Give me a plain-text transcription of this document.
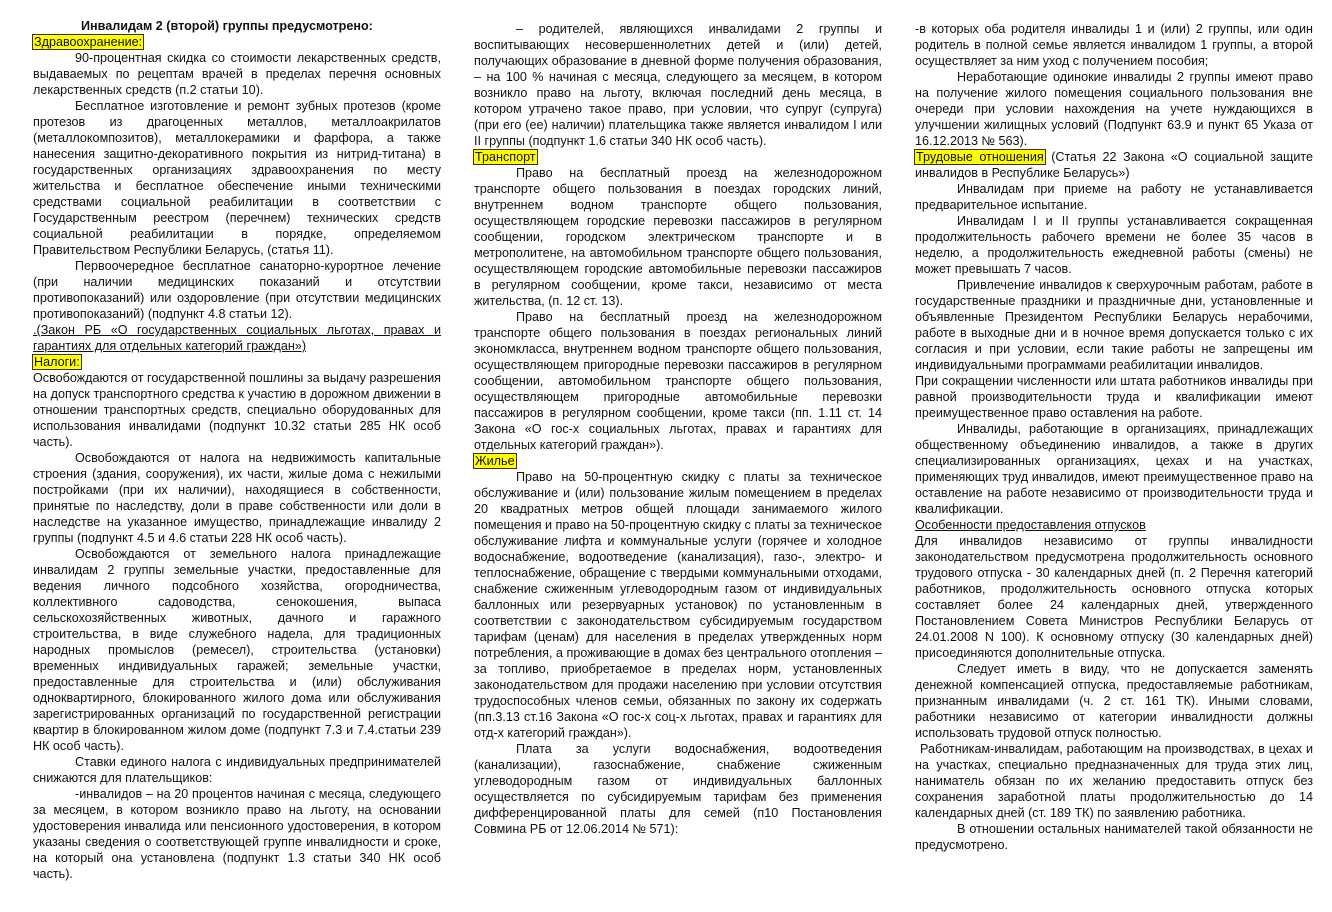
Инвалидам 2 (второй) группы предусмотрено:

Здравоохранение:

90-процентная скидка со стоимости лекарственных средств, выдаваемых по рецептам врачей в пределах перечня основных лекарственных средств (п.2 статьи 10).

Бесплатное изготовление и ремонт зубных протезов (кроме протезов из драгоценных металлов, металлоакрилатов (металлокомпозитов), металлокерамики и фарфора, а также нанесения защитно-декоративного покрытия из нитрид-титана) в государственных организациях здравоохранения по месту жительства и бесплатное обеспечение иными техническими средствами социальной реабилитации в соответствии с Государственным реестром (перечнем) технических средств социальной реабилитации в порядке, определяемом Правительством Республики Беларусь, (статья 11).

Первоочередное бесплатное санаторно-курортное лечение (при наличии медицинских показаний и отсутствии противопоказаний) или оздоровление (при отсутствии медицинских противопоказаний) (подпункт 4.8 статьи 12).

.(Закон РБ «О государственных социальных льготах, правах и гарантиях для отдельных категорий граждан»)

Налоги:

Освобождаются от государственной пошлины за выдачу разрешения на допуск транспортного средства к участию в дорожном движении в отношении транспортных средств, специально оборудованных для использования инвалидами (подпункт 10.32 статьи 285 НК особ часть).

Освобождаются от налога на недвижимость капитальные строения (здания, сооружения), их части, жилые дома с нежилыми постройками (при их наличии), находящиеся в собственности, принятые по наследству, доли в праве собственности или доли в наследстве на указанное имущество, принадлежащие инвалиду 2 группы (подпункт 4.5 и 4.6 статьи 228 НК особ часть).

Освобождаются от земельного налога принадлежащие инвалидам 2 группы земельные участки, предоставленные для ведения личного подсобного хозяйства, огородничества, коллективного садоводства, сенокошения, выпаса сельскохозяйственных животных, дачного и гаражного строительства, в виде служебного надела, для традиционных народных промыслов (ремесел), строительства (установки) временных индивидуальных гаражей; земельные участки, предоставленные для строительства и (или) обслуживания одноквартирного, блокированного жилого дома или обслуживания зарегистрированных организаций по государственной регистрации квартир в блокированном жилом доме (подпункт 7.3 и 7.4.статьи 239 НК особ часть).

Ставки единого налога с индивидуальных предпринимателей снижаются для плательщиков:

-инвалидов – на 20 процентов начиная с месяца, следующего за месяцем, в котором возникло право на льготу, на основании удостоверения инвалида или пенсионного удостоверения, в котором указаны сведения о соответствующей группе инвалидности и сроке, на который она установлена (подпункт 1.3 статьи 340 НК особ часть).

– родителей, являющихся инвалидами 2 группы и воспитывающих несовершеннолетних детей и (или) детей, получающих образование в дневной форме получения образования, – на 100 % начиная с месяца, следующего за месяцем, в котором возникло право на льготу, включая последний день месяца, в котором утрачено такое право, при условии, что супруг (супруга) (при его (ее) наличии) плательщика также является инвалидом I или II группы (подпункт 1.6 статьи 340 НК особ часть).

Транспорт

Право на бесплатный проезд на железнодорожном транспорте общего пользования в поездах городских линий, внутреннем водном транспорте общего пользования, осуществляющем городские перевозки пассажиров в регулярном сообщении, городском электрическом транспорте и в метрополитене, на автомобильном транспорте общего пользования, осуществляющем городские автомобильные перевозки пассажиров в регулярном сообщении, кроме такси, независимо от места жительства, (п. 12 ст. 13).

Право на бесплатный проезд на железнодорожном транспорте общего пользования в поездах региональных линий экономкласса, внутреннем водном транспорте общего пользования, осуществляющем пригородные перевозки пассажиров в регулярном сообщении, автомобильном транспорте общего пользования, осуществляющем пригородные автомобильные перевозки пассажиров в регулярном сообщении, кроме такси (пп. 1.11 ст. 14 Закона «О гос-х социальных льготах, правах и гарантиях для отдельных категорий граждан»).

Жилье

Право на 50-процентную скидку с платы за техническое обслуживание и (или) пользование жилым помещением в пределах 20 квадратных метров общей площади занимаемого жилого помещения и право на 50-процентную скидку с платы за техническое обслуживание лифта и коммунальные услуги (горячее и холодное водоснабжение, водоотведение (канализация), газо-, электро- и теплоснабжение, обращение с твердыми коммунальными отходами, снабжение сжиженным углеводородным газом от индивидуальных баллонных или резервуарных установок) по установленным в соответствии с законодательством субсидируемым государством тарифам (ценам) для населения в пределах утвержденных норм потребления, а проживающие в домах без центрального отопления – за топливо, приобретаемое в пределах норм, установленных законодательством для продажи населению при условии отсутствия трудоспособных членов семьи, обязанных по закону их содержать (пп.3.13 ст.16 Закона «О гос-х соц-х льготах, правах и гарантиях для отд-х категорий граждан»).

Плата за услуги водоснабжения, водоотведения (канализации), газоснабжение, снабжение сжиженным углеводородным газом от индивидуальных баллонных осуществляется по субсидируемым тарифам без применения дифференцированной платы для семей (п10 Постановления Совмина РБ от 12.06.2014 № 571):

-в которых оба родителя инвалиды 1 и (или) 2 группы, или один родитель в полной семье является инвалидом 1 группы, а второй осуществляет за ним уход с получением пособия;

Неработающие одинокие инвалиды 2 группы имеют право на получение жилого помещения социального пользования вне очереди при условии нахождения на учете нуждающихся в улучшении жилищных условий (Подпункт 63.9 и пункт 65 Указа от 16.12.2013 № 563).

Трудовые отношения (Статья 22 Закона «О социальной защите инвалидов в Республике Беларусь»)

Инвалидам при приеме на работу не устанавливается предварительное испытание.

Инвалидам I и II группы устанавливается сокращенная продолжительность рабочего времени не более 35 часов в неделю, а продолжительность ежедневной работы (смены) не может превышать 7 часов.

Привлечение инвалидов к сверхурочным работам, работе в государственные праздники и праздничные дни, установленные и объявленные Президентом Республики Беларусь нерабочими, работе в выходные дни и в ночное время допускается только с их согласия и при условии, если такие работы не запрещены им индивидуальными программами реабилитации инвалидов.

При сокращении численности или штата работников инвалиды при равной производительности труда и квалификации имеют преимущественное право оставления на работе.

Инвалиды, работающие в организациях, принадлежащих общественному объединению инвалидов, а также в других специализированных организациях, цехах и на участках, применяющих труд инвалидов, имеют преимущественное право на оставление на работе независимо от производительности труда и квалификации.

Особенности предоставления отпусков

Для инвалидов независимо от группы инвалидности законодательством предусмотрена продолжительность основного трудового отпуска - 30 календарных дней (п. 2 Перечня категорий работников, продолжительность основного отпуска которых составляет более 24 календарных дней, утвержденного Постановлением Совета Министров Республики Беларусь от 24.01.2008 N 100). К основному отпуску (30 календарных дней) присоединяются дополнительные отпуска.

Следует иметь в виду, что не допускается заменять денежной компенсацией отпуска, предоставляемые работникам, признанным инвалидами (ч. 2 ст. 161 ТК). Иными словами, работники независимо от категории инвалидности должны использовать трудовой отпуск полностью.

Работникам-инвалидам, работающим на производствах, в цехах и на участках, специально предназначенных для труда этих лиц, наниматель обязан по их желанию предоставить отпуск без сохранения заработной платы продолжительностью до 14 календарных дней (ст. 189 ТК) по заявлению работника.

В отношении остальных нанимателей такой обязанности не предусмотрено.
